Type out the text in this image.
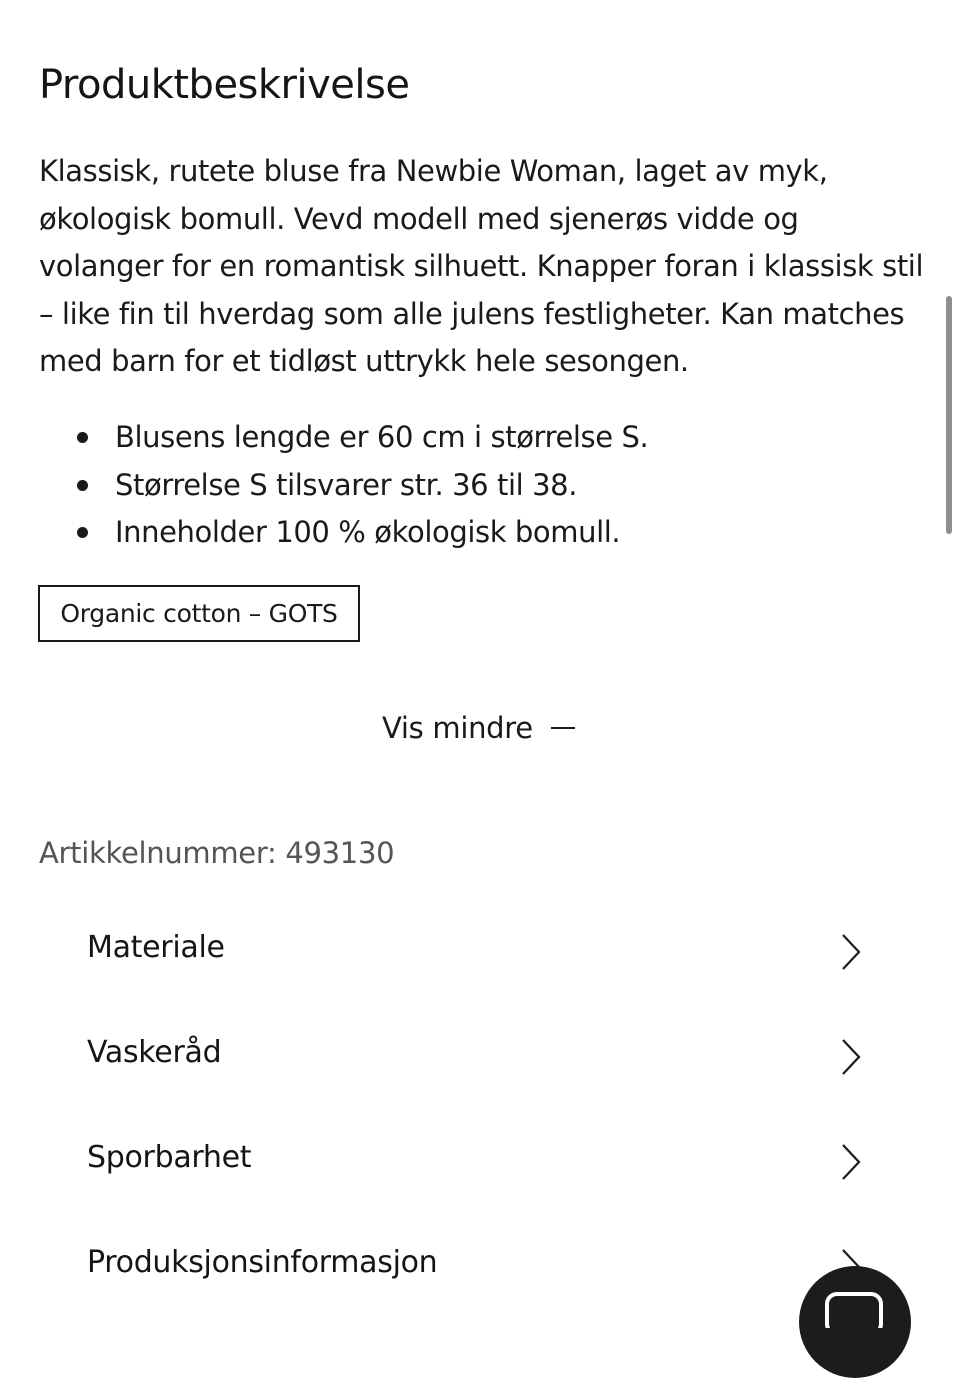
Produktbeskrivelse

Klassisk, rutete bluse fra Newbie Woman, laget av myk, økologisk bomull. Vevd modell med sjenerøs vidde og volanger for en romantisk silhuett. Knapper foran i klassisk stil – like fin til hverdag som alle julens festligheter. Kan matches med barn for et tidløst uttrykk hele sesongen.

Blusens lengde er 60 cm i størrelse S.
Størrelse S tilsvarer str. 36 til 38.
Inneholder 100 % økologisk bomull.
Organic cotton – GOTS
Vis mindre
Artikkelnummer: 493130
Materiale
Vaskeråd
Sporbarhet
Produksjonsinformasjon
